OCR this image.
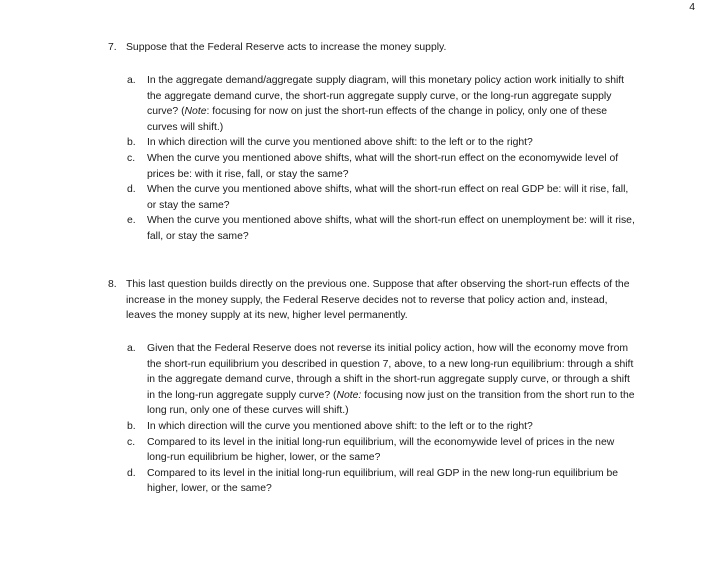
4
7. Suppose that the Federal Reserve acts to increase the money supply.
a. In the aggregate demand/aggregate supply diagram, will this monetary policy action work initially to shift the aggregate demand curve, the short-run aggregate supply curve, or the long-run aggregate supply curve? (Note: focusing for now on just the short-run effects of the change in policy, only one of these curves will shift.)
b. In which direction will the curve you mentioned above shift: to the left or to the right?
c. When the curve you mentioned above shifts, what will the short-run effect on the economywide level of prices be: with it rise, fall, or stay the same?
d. When the curve you mentioned above shifts, what will the short-run effect on real GDP be: will it rise, fall, or stay the same?
e. When the curve you mentioned above shifts, what will the short-run effect on unemployment be: will it rise, fall, or stay the same?
8. This last question builds directly on the previous one. Suppose that after observing the short-run effects of the increase in the money supply, the Federal Reserve decides not to reverse that policy action and, instead, leaves the money supply at its new, higher level permanently.
a. Given that the Federal Reserve does not reverse its initial policy action, how will the economy move from the short-run equilibrium you described in question 7, above, to a new long-run equilibrium: through a shift in the aggregate demand curve, through a shift in the short-run aggregate supply curve, or through a shift in the long-run aggregate supply curve? (Note: focusing now just on the transition from the short run to the long run, only one of these curves will shift.)
b. In which direction will the curve you mentioned above shift: to the left or to the right?
c. Compared to its level in the initial long-run equilibrium, will the economywide level of prices in the new long-run equilibrium be higher, lower, or the same?
d. Compared to its level in the initial long-run equilibrium, will real GDP in the new long-run equilibrium be higher, lower, or the same?
